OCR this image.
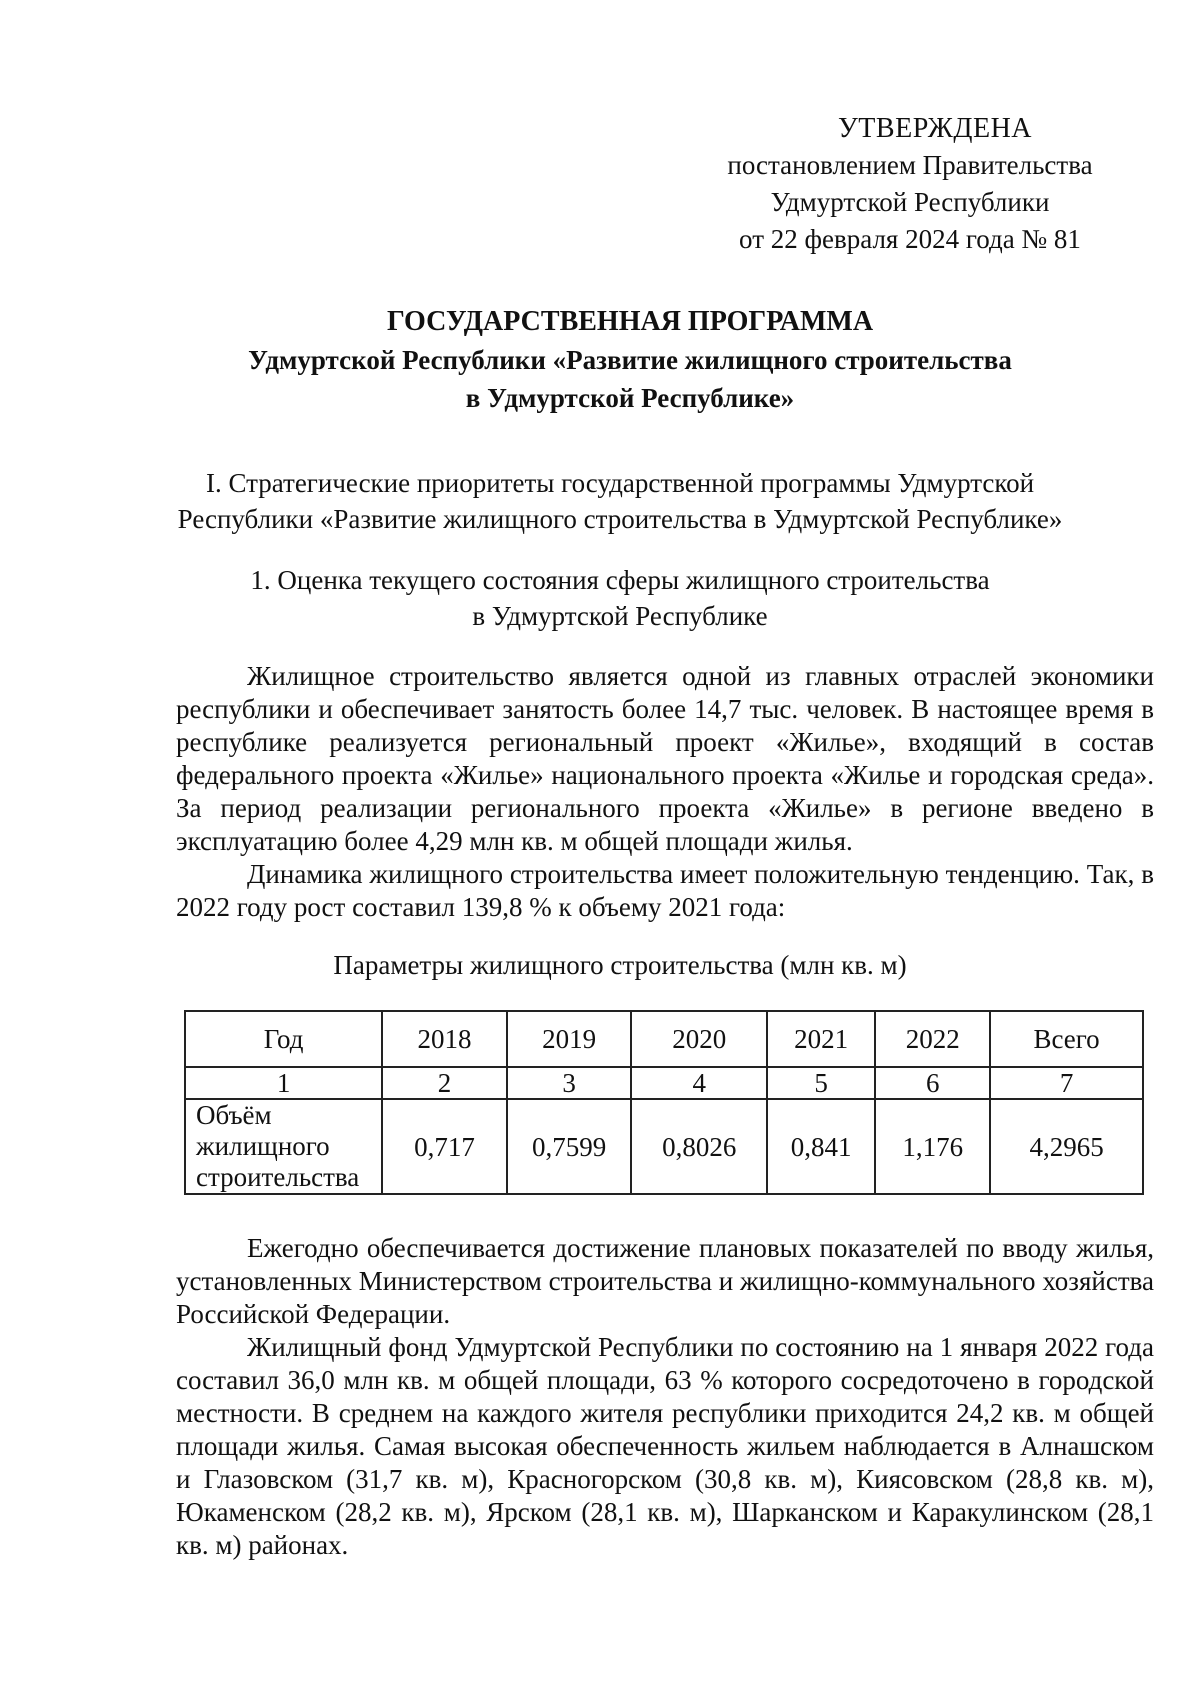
УТВЕРЖДЕНА
постановлением Правительства
Удмуртской Республики
от 22 февраля 2024 года № 81
ГОСУДАРСТВЕННАЯ ПРОГРАММА
Удмуртской Республики «Развитие жилищного строительства
в Удмуртской Республике»
I. Стратегические приоритеты государственной программы Удмуртской
Республики «Развитие жилищного строительства в Удмуртской Республике»
1. Оценка текущего состояния сферы жилищного строительства
в Удмуртской Республике

Жилищное строительство является одной из главных отраслей экономики республики и обеспечивает занятость более 14,7 тыс. человек. В настоящее время в республике реализуется региональный проект «Жилье», входящий в состав федерального проекта «Жилье» национального проекта «Жилье и городская среда». За период реализации регионального проекта «Жилье» в регионе введено в эксплуатацию более 4,29 млн кв. м общей площади жилья.

Динамика жилищного строительства имеет положительную тенденцию. Так, в 2022 году рост составил 139,8 % к объему 2021 года:

Параметры жилищного строительства (млн кв. м)
Год	2018	2019	2020	2021	2022	Всего
1	2	3	4	5	6	7

Объём
жилищного
строительства	0,717	0,7599	0,8026	0,841	1,176	4,2965

Ежегодно обеспечивается достижение плановых показателей по вводу жилья, установленных Министерством строительства и жилищно-коммунального хозяйства Российской Федерации.

Жилищный фонд Удмуртской Республики по состоянию на 1 января 2022 года составил 36,0 млн кв. м общей площади, 63 % которого сосредоточено в городской местности. В среднем на каждого жителя республики приходится 24,2 кв. м общей площади жилья. Самая высокая обеспеченность жильем наблюдается в Алнашском и Глазовском (31,7 кв. м), Красногорском (30,8 кв. м), Киясовском (28,8 кв. м), Юкаменском (28,2 кв. м), Ярском (28,1 кв. м), Шарканском и Каракулинском (28,1 кв. м) районах.
